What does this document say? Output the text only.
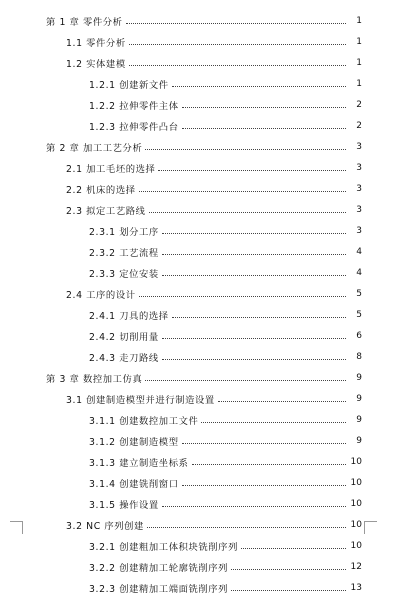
第 1 章 零件分析	1
1.1 零件分析	1
1.2 实体建模	1
1.2.1 创建新文件	1
1.2.2 拉伸零件主体	2
1.2.3 拉伸零件凸台	2
第 2 章 加工工艺分析	3
2.1 加工毛坯的选择	3
2.2 机床的选择	3
2.3 拟定工艺路线	3
2.3.1 划分工序	3
2.3.2 工艺流程	4
2.3.3 定位安装	4
2.4 工序的设计	5
2.4.1 刀具的选择	5
2.4.2 切削用量	6
2.4.3 走刀路线	8
第 3 章 数控加工仿真	9
3.1 创建制造模型并进行制造设置	9
3.1.1 创建数控加工文件	9
3.1.2 创建制造模型	9
3.1.3 建立制造坐标系	10
3.1.4 创建铣削窗口	10
3.1.5 操作设置	10
3.2 NC 序列创建	10
3.2.1 创建粗加工体积块铣削序列	10
3.2.2 创建精加工轮廓铣削序列	12
3.2.3 创建精加工端面铣削序列	13
